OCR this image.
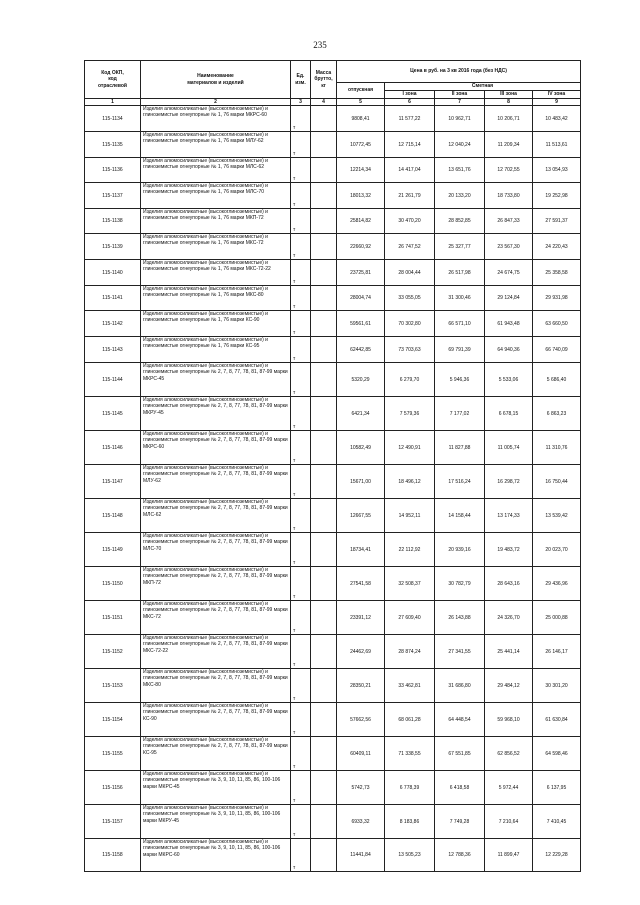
235
Код ОКП,
код
отраслевой	Наименование
материалов и изделий	Ед.
изм.	Масса
брутто,
кг	Цена в руб. на 3 кв 2016 года (без НДС)				
				отпускная	Сметная			
					I зона	II зона	III зона	IV зона
1	2	3	4	5	6	7	8	9
115-1134	Изделия алюмосиликатные (высокоглиноземистые) и глиноземистые огнеупорные № 1, 76 марки МКРС-60	т		9808,41	11 577,22	10 962,71	10 206,71	10 483,42
115-1135	Изделия алюмосиликатные (высокоглиноземистые) и глиноземистые огнеупорные № 1, 76 марки МЛУ-62	т		10772,45	12 715,14	12 040,24	11 209,34	11 513,61
115-1136	Изделия алюмосиликатные (высокоглиноземистые) и глиноземистые огнеупорные № 1, 76 марки МЛС-62	т		12214,34	14 417,04	13 651,76	12 702,55	13 054,93
115-1137	Изделия алюмосиликатные (высокоглиноземистые) и глиноземистые огнеупорные № 1, 76 марки МЛС-70	т		18013,32	21 261,79	20 133,20	18 733,80	19 252,98
115-1138	Изделия алюмосиликатные (высокоглиноземистые) и глиноземистые огнеупорные № 1, 76 марки МКП-72	т		25814,82	30 470,20	28 852,85	26 847,33	27 591,37
115-1139	Изделия алюмосиликатные (высокоглиноземистые) и глиноземистые огнеупорные № 1, 76 марки МКС-72	т		22660,92	26 747,52	25 327,77	23 567,30	24 220,43
115-1140	Изделия алюмосиликатные (высокоглиноземистые) и глиноземистые огнеупорные № 1, 76 марки МКС-72-22	т		23725,81	28 004,44	26 517,98	24 674,75	25 358,58
115-1141	Изделия алюмосиликатные (высокоглиноземистые) и глиноземистые огнеупорные № 1, 76 марки МКС-80	т		28004,74	33 055,05	31 300,46	29 124,84	29 931,98
115-1142	Изделия алюмосиликатные (высокоглиноземистые) и глиноземистые огнеупорные № 1, 76 марки КС-90	т		59561,61	70 302,80	66 571,10	61 943,48	63 660,50
115-1143	Изделия алюмосиликатные (высокоглиноземистые) и глиноземистые огнеупорные № 1, 76 марки КС-95	т		62442,85	73 703,63	69 791,39	64 940,36	66 740,09
115-1144	Изделия алюмосиликатные (высокоглиноземистые) и глиноземистые огнеупорные № 2, 7, 8, 77, 78, 81, 87-99 марки МКРС-45	т		5320,29	6 279,70	5 946,36	5 533,06	5 686,40
115-1145	Изделия алюмосиликатные (высокоглиноземистые) и глиноземистые огнеупорные № 2, 7, 8, 77, 78, 81, 87-99 марки МКРУ-45	т		6421,34	7 579,36	7 177,02	6 678,15	6 863,23
115-1146	Изделия алюмосиликатные (высокоглиноземистые) и глиноземистые огнеупорные № 2, 7, 8, 77, 78, 81, 87-99 марки МКРС-60	т		10582,49	12 490,91	11 827,88	11 005,74	11 310,76
115-1147	Изделия алюмосиликатные (высокоглиноземистые) и глиноземистые огнеупорные № 2, 7, 8, 77, 78, 81, 87-99 марки МЛУ-62	т		15671,00	18 496,12	17 516,24	16 298,72	16 750,44
115-1148	Изделия алюмосиликатные (высокоглиноземистые) и глиноземистые огнеупорные № 2, 7, 8, 77, 78, 81, 87-99 марки МЛС-62	т		12667,55	14 952,11	14 158,44	13 174,33	13 539,42
115-1149	Изделия алюмосиликатные (высокоглиноземистые) и глиноземистые огнеупорные № 2, 7, 8, 77, 78, 81, 87-99 марки МЛС-70	т		18734,41	22 112,92	20 939,16	19 483,72	20 023,70
115-1150	Изделия алюмосиликатные (высокоглиноземистые) и глиноземистые огнеупорные № 2, 7, 8, 77, 78, 81, 87-99 марки МКП-72	т		27541,58	32 508,37	30 782,79	28 643,16	29 436,96
115-1151	Изделия алюмосиликатные (высокоглиноземистые) и глиноземистые огнеупорные № 2, 7, 8, 77, 78, 81, 87-99 марки МКС-72	т		23391,12	27 609,40	26 143,88	24 326,70	25 000,88
115-1152	Изделия алюмосиликатные (высокоглиноземистые) и глиноземистые огнеупорные № 2, 7, 8, 77, 78, 81, 87-99 марки МКС-72-22	т		24462,69	28 874,24	27 341,55	25 441,14	26 146,17
115-1153	Изделия алюмосиликатные (высокоглиноземистые) и глиноземистые огнеупорные № 2, 7, 8, 77, 78, 81, 87-99 марки МКС-80	т		28350,21	33 462,81	31 686,80	29 484,12	30 301,20
115-1154	Изделия алюмосиликатные (высокоглиноземистые) и глиноземистые огнеупорные № 2, 7, 8, 77, 78, 81, 87-99 марки КС-90	т		57662,56	68 061,28	64 448,54	59 968,10	61 630,84
115-1155	Изделия алюмосиликатные (высокоглиноземистые) и глиноземистые огнеупорные № 2, 7, 8, 77, 78, 81, 87-99 марки КС-95	т		60409,11	71 338,55	67 551,85	62 856,52	64 598,46
115-1156	Изделия алюмосиликатные (высокоглиноземистые) и глиноземистые огнеупорные № 3, 9, 10, 11, 85, 86, 100-106 марки МКРС-45	т		5742,73	6 778,39	6 418,58	5 972,44	6 137,95
115-1157	Изделия алюмосиликатные (высокоглиноземистые) и глиноземистые огнеупорные № 3, 9, 10, 11, 85, 86, 100-106 марки МКРУ-45	т		6933,32	8 183,86	7 749,28	7 210,64	7 410,45
115-1158	Изделия алюмосиликатные (высокоглиноземистые) и глиноземистые огнеупорные № 3, 9, 10, 11, 85, 86, 100-106 марки МКРС-60	т		11441,84	13 505,23	12 788,36	11 899,47	12 229,28
